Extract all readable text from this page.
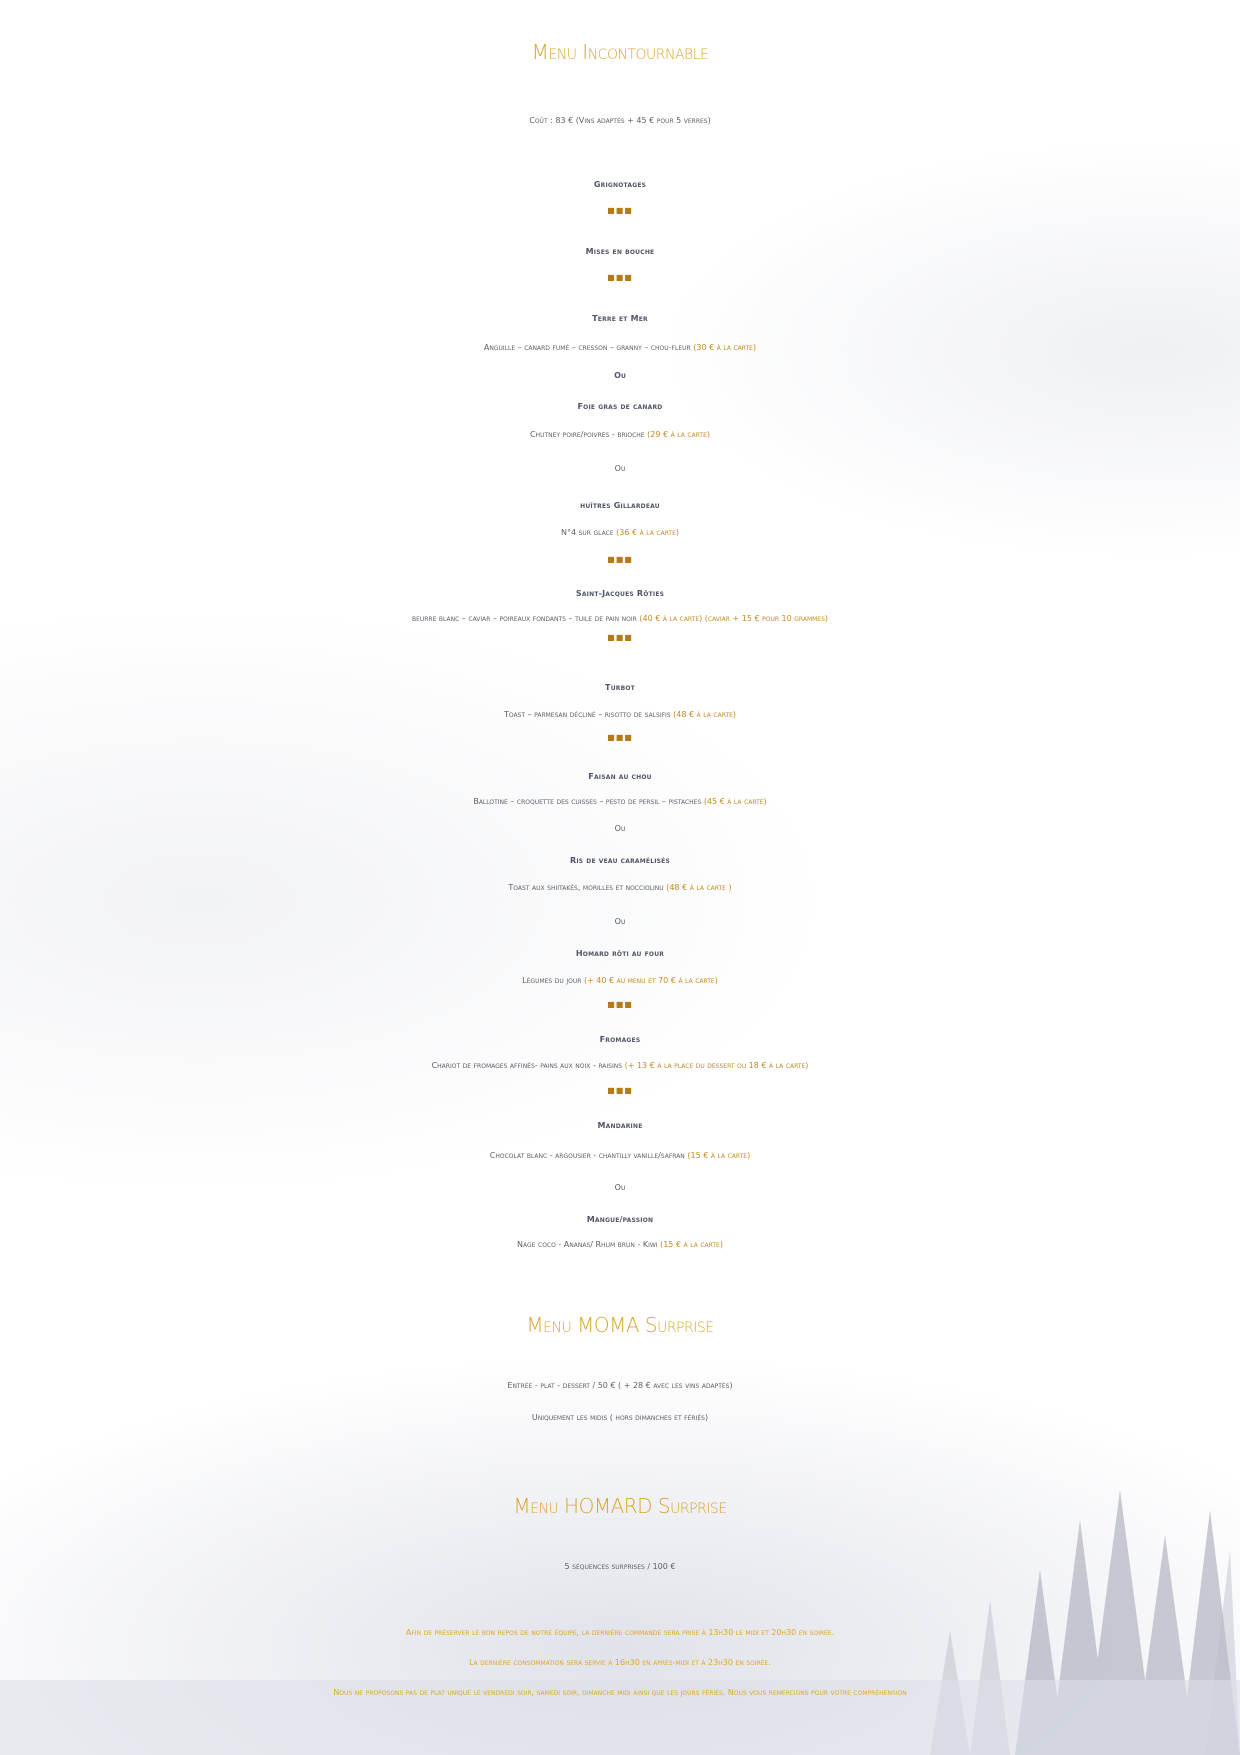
Menu Incontournable
Coût : 83 € (Vins adaptés + 45 € pour 5 verres)
Grignotages
■■■
Mises en bouche
■■■
Terre et Mer
Anguille – canard fumé – cresson – granny – chou-fleur (30 € à la carte)
Ou
Foie gras de canard
Chutney poire/poivres - brioche (29 € à la carte)
Ou
huîtres Gillardeau
N°4 sur glace (36 € à la carte)
■■■
Saint-Jacques Rôties
beurre blanc – caviar – poireaux fondants – tuile de pain noir (40 € à la carte) (caviar + 15 € pour 10 grammes)
■■■
Turbot
Toast – parmesan décliné – risotto de salsifis (48 € à la carte)
■■■
Faisan au chou
Ballotine – croquette des cuisses – pesto de persil – pistaches (45 € à la carte)
Ou
Ris de veau caramélisés
Toast aux shiitakés, morilles et nocciolinu (48 € à la carte )
Ou
Homard rôti au four
Légumes du jour (+ 40 € au menu et 70 € à la carte)
■■■
Fromages
Chariot de fromages affinés- pains aux noix - raisins (+ 13 € à la place du dessert ou 18 € à la carte)
■■■
Mandarine
Chocolat blanc - argousier - chantilly vanille/safran (15 € à la carte)
Ou
Mangue/passion
Nage coco - Ananas/ Rhum brun - Kiwi (15 € à la carte)
Menu MOMA Surprise
Entrée - plat - dessert / 50 € ( + 28 € avec les vins adaptés)
Uniquement les midis ( hors dimanches et fériés)
Menu HOMARD Surprise
5 séquences surprises / 100 €
Afin de préserver le bon repos de notre équipe, la dernière commande sera prise à 13h30 le midi et 20h30 en soirée.
La dernière consommation sera servie à 16h30 en après-midi et à 23h30 en soirée.
Nous ne proposons pas de plat unique le vendredi soir, samedi soir, dimanche midi ainsi que les jours fériés. Nous vous remercions pour votre compréhension
